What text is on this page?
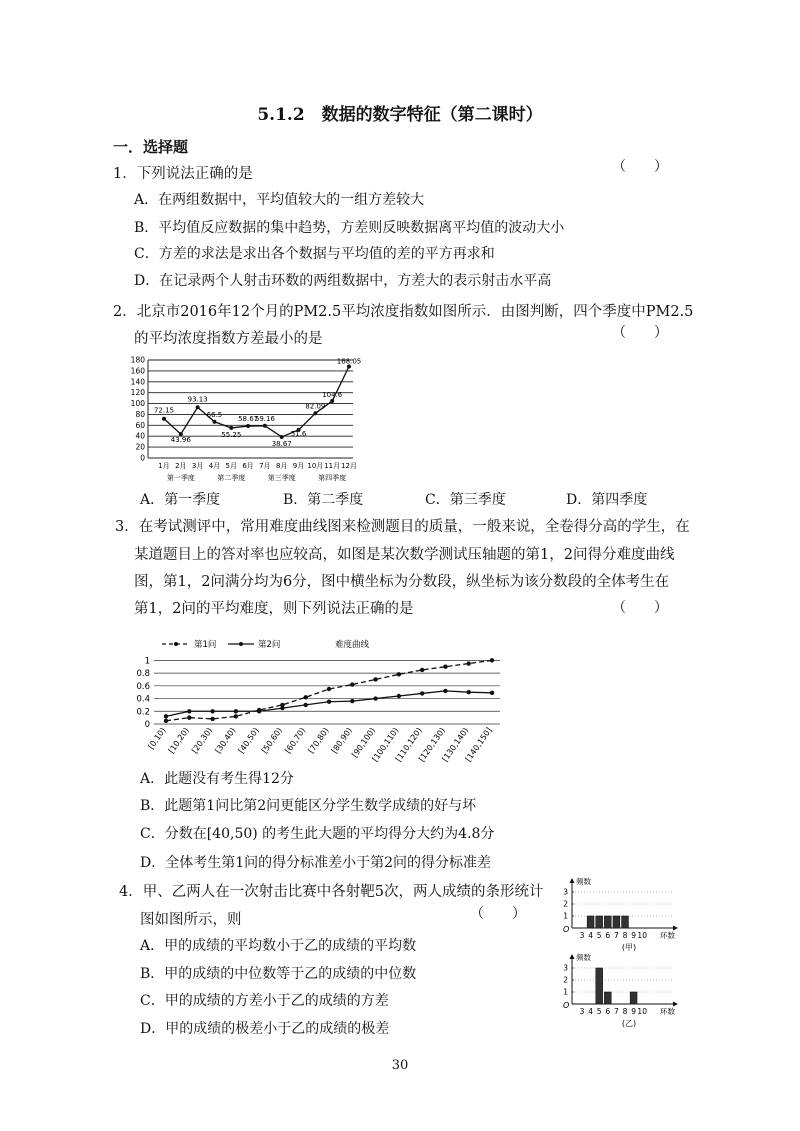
5.1.2　数据的数字特征（第二课时）
一．选择题
1．下列说法正确的是	（　　）
A．在两组数据中，平均值较大的一组方差较大
B．平均值反应数据的集中趋势，方差则反映数据离平均值的波动大小
C．方差的求法是求出各个数据与平均值的差的平方再求和
D．在记录两个人射击环数的两组数据中，方差大的表示射击水平高
2．北京市2016年12个月的PM2.5平均浓度指数如图所示．由图判断，四个季度中PM2.5
的平均浓度指数方差最小的是	（　　）
0
20
40
60
80
100
120
140
160
180
72.15
43.96
93.13
66.5
55.25
58.67
59.16
38.67
51.6
82.09
104.6
168.05
1月 2月 3月 4月 5月 6月 7月 8月 9月 10月 11月 12月
第一季度	第二季度	第三季度	第四季度
A．第一季度	B．第二季度	C．第三季度	D．第四季度
3．在考试测评中，常用难度曲线图来检测题目的质量，一般来说，全卷得分高的学生，在
某道题目上的答对率也应较高，如图是某次数学测试压轴题的第1，2问得分难度曲线
图，第1，2问满分均为6分，图中横坐标为分数段，纵坐标为该分数段的全体考生在
第1，2问的平均难度，则下列说法正确的是	（　　）
0
0.2
0.4
0.6
0.8
1
第1问	第2问	难度曲线
[0,10) [10,20) [20,30) [30,40) [40,50) [50,60) [60,70) [70,80) [80,90)
[90,100)
[100,110)
[110,120)
[120,130)
[130,140)
[140,150]
A．此题没有考生得12分
B．此题第1问比第2问更能区分学生数学成绩的好与坏
C．分数在[40,50) 的考生此大题的平均得分大约为4.8分
D．全体考生第1问的得分标准差小于第2问的得分标准差
4．甲、乙两人在一次射击比赛中各射靶5次，两人成绩的条形统计
图如图所示，则	（　　）
A．甲的成绩的平均数小于乙的成绩的平均数
B．甲的成绩的中位数等于乙的成绩的中位数
C．甲的成绩的方差小于乙的成绩的方差
D．甲的成绩的极差小于乙的成绩的极差
频数
环数
O
1
2
3
3 4 5 6 7 8 9 10
(甲)
频数
环数
O
1
2
3
3 4 5 6 7 8 9 10
(乙)
30
